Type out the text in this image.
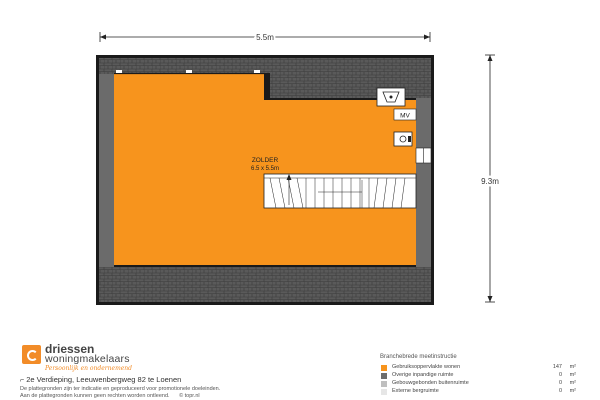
5.5m
9.3m
MV
ZOLDER
6.5 x 5.5m
driessen
woningmakelaars
Persoonlijk en ondernemend
⌐ 2e Verdieping, Leeuwenbergweg 82 te Loenen
De plattegronden zijn ter indicatie en geproduceerd voor promotionele doeleinden.
Aan de plattegronden kunnen geen rechten worden ontleend. © topr.nl
Branchebrede meetinstructie
Gebruiksoppervlakte wonen	147 m²
Overige inpandige ruimte	0 m²
Gebouwgebonden buitenruimte	0 m²
Externe bergruimte	0 m²
